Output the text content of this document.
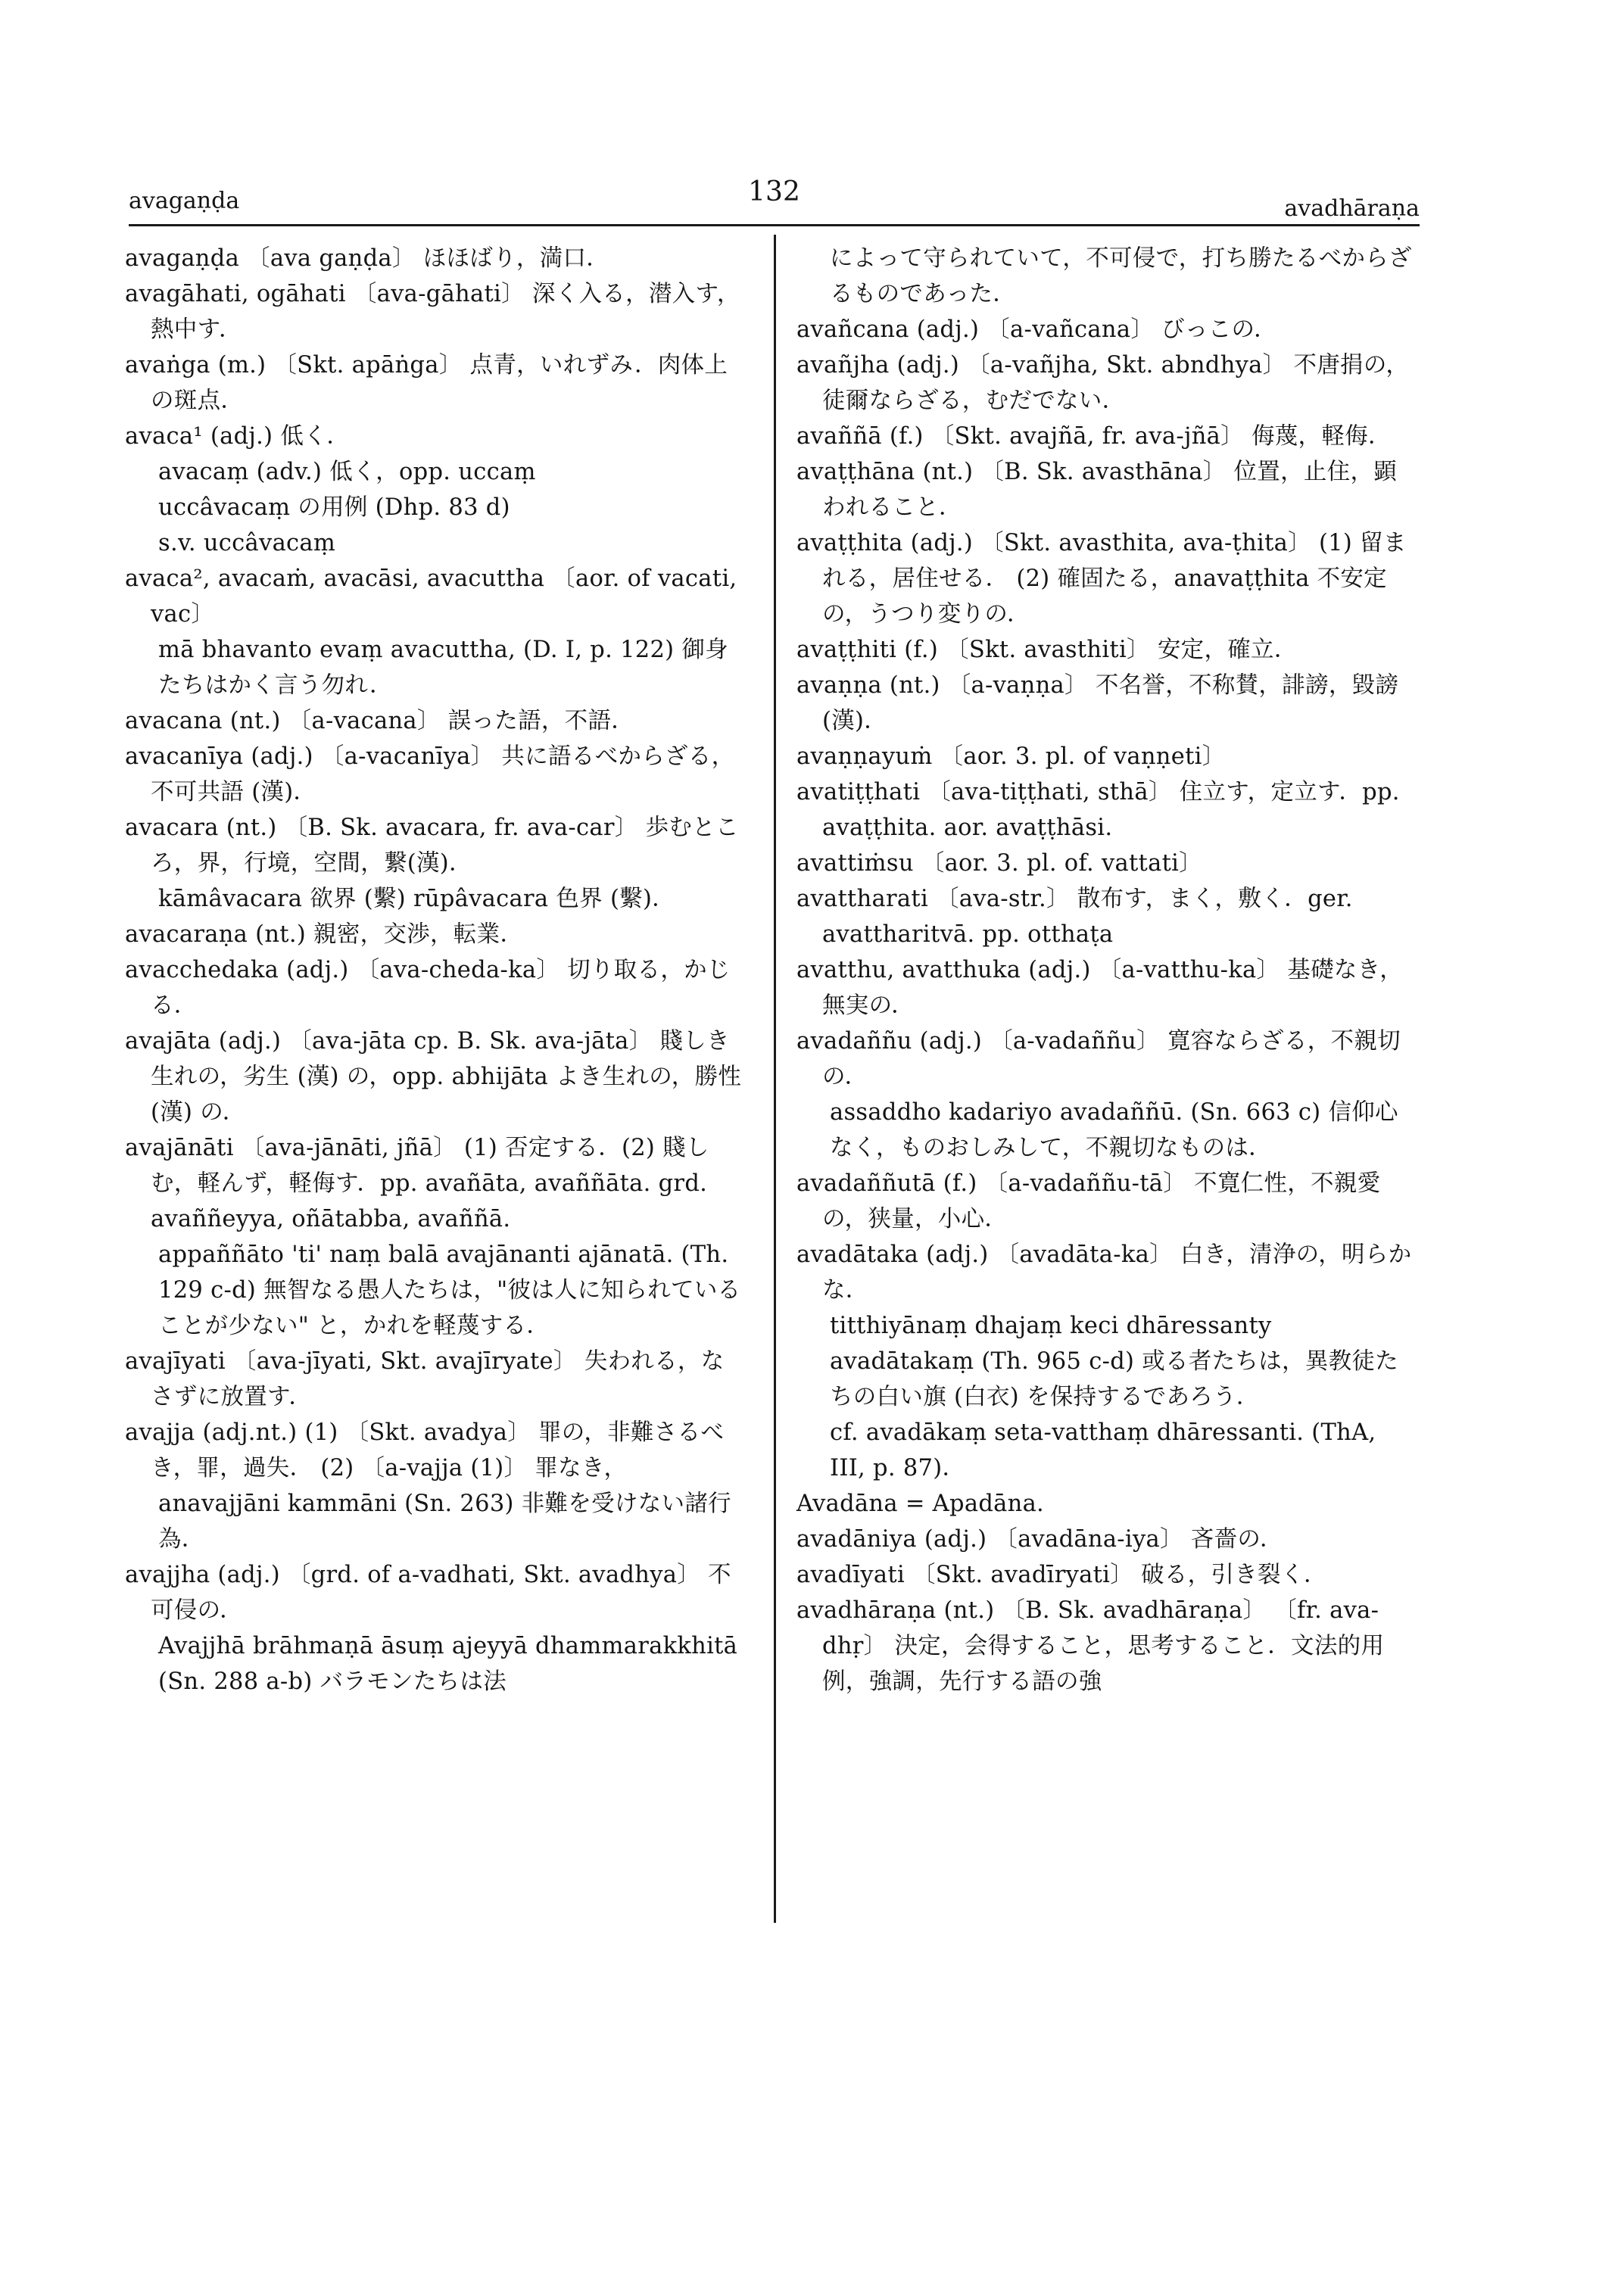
avagaṇḍa	132
avadhāraṇa

avagaṇḍa 〔ava gaṇḍa〕 ほほばり，満口．

avagāhati, ogāhati 〔ava-gāhati〕 深く入る，潜入す，熱中す．

avaṅga (m.) 〔Skt. apāṅga〕 点青，いれずみ．肉体上の斑点．

avaca¹ (adj.) 低く．

avacaṃ (adv.) 低く，opp. uccaṃ

uccâvacaṃ の用例 (Dhp. 83 d)

s.v. uccâvacaṃ

avaca², avacaṁ, avacāsi, avacuttha 〔aor. of vacati, vac〕

mā bhavanto evaṃ avacuttha, (D. I, p. 122) 御身たちはかく言う勿れ．

avacana (nt.) 〔a-vacana〕 誤った語，不語．

avacanīya (adj.) 〔a-vacanīya〕 共に語るべからざる，不可共語 (漢)．

avacara (nt.) 〔B. Sk. avacara, fr. ava-car〕 歩むところ，界，行境，空間，繋(漢)．

kāmâvacara 欲界 (繫) rūpâvacara 色界 (繫)．

avacaraṇa (nt.) 親密，交渉，転業．

avacchedaka (adj.) 〔ava-cheda-ka〕 切り取る，かじる．

avajāta (adj.) 〔ava-jāta cp. B. Sk. ava-jāta〕 賤しき生れの，劣生 (漢) の，opp. abhijāta よき生れの，勝性 (漢) の．

avajānāti 〔ava-jānāti, jñā〕 (1) 否定する．(2) 賤しむ，軽んず，軽侮す．pp. avañāta, avaññāta. grd. avaññeyya, oñātabba, avaññā.

appaññāto 'ti' naṃ balā avajānanti ajānatā. (Th. 129 c-d) 無智なる愚人たちは，"彼は人に知られていることが少ない" と，かれを軽蔑する．

avajīyati 〔ava-jīyati, Skt. avajīryate〕 失われる，なさずに放置す．

avajja (adj.nt.) (1) 〔Skt. avadya〕 罪の，非難さるべき，罪，過失． (2) 〔a-vajja (1)〕 罪なき，

anavajjāni kammāni (Sn. 263) 非難を受けない諸行為．

avajjha (adj.) 〔grd. of a-vadhati, Skt. avadhya〕 不可侵の．

Avajjhā brāhmaṇā āsuṃ ajeyyā dhammarakkhitā (Sn. 288 a-b) バラモンたちは法

によって守られていて，不可侵で，打ち勝たるべからざるものであった．

avañcana (adj.) 〔a-vañcana〕 びっこの．

avañjha (adj.) 〔a-vañjha, Skt. abndhya〕 不唐捐の，徒爾ならざる，むだでない．

avaññā (f.) 〔Skt. avajñā, fr. ava-jñā〕 侮蔑，軽侮．

avaṭṭhāna (nt.) 〔B. Sk. avasthāna〕 位置，止住，顕われること．

avaṭṭhita (adj.) 〔Skt. avasthita, ava-ṭhita〕 (1) 留まれる，居住せる． (2) 確固たる，anavaṭṭhita 不安定の，うつり変りの．

avaṭṭhiti (f.) 〔Skt. avasthiti〕 安定，確立．

avaṇṇa (nt.) 〔a-vaṇṇa〕 不名誉，不称賛，誹謗，毀謗 (漢)．

avaṇṇayuṁ 〔aor. 3. pl. of vaṇṇeti〕

avatiṭṭhati 〔ava-tiṭṭhati, sthā〕 住立す，定立す．pp. avaṭṭhita. aor. avaṭṭhāsi.

avattiṁsu 〔aor. 3. pl. of. vattati〕

avattharati 〔ava-str.〕 散布す，まく，敷く．ger. avattharitvā. pp. otthaṭa

avatthu, avatthuka (adj.) 〔a-vatthu-ka〕 基礎なき，無実の．

avadaññu (adj.) 〔a-vadaññu〕 寛容ならざる，不親切の．

assaddho kadariyo avadaññū. (Sn. 663 c) 信仰心なく，ものおしみして，不親切なものは．

avadaññutā (f.) 〔a-vadaññu-tā〕 不寛仁性，不親愛の，狭量，小心．

avadātaka (adj.) 〔avadāta-ka〕 白き，清浄の，明らかな．

titthiyānaṃ dhajaṃ keci dhāressanty avadātakaṃ (Th. 965 c-d) 或る者たちは，異教徒たちの白い旗 (白衣) を保持するであろう．

cf. avadākaṃ seta-vatthaṃ dhāressanti. (ThA, III, p. 87)．

Avadāna = Apadāna.

avadāniya (adj.) 〔avadāna-iya〕 吝嗇の．

avadīyati 〔Skt. avadīryati〕 破る，引き裂く．

avadhāraṇa (nt.) 〔B. Sk. avadhāraṇa〕 〔fr. ava-dhṛ〕 決定，会得すること，思考すること．文法的用例，強調，先行する語の強
